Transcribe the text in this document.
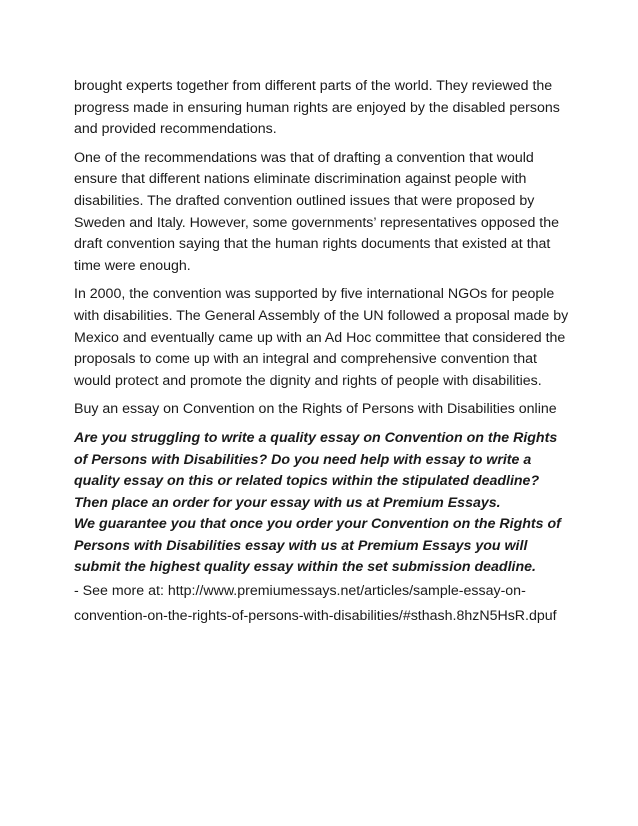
brought experts together from different parts of the world. They reviewed the progress made in ensuring human rights are enjoyed by the disabled persons and provided recommendations.

One of the recommendations was that of drafting a convention that would ensure that different nations eliminate discrimination against people with disabilities. The drafted convention outlined issues that were proposed by Sweden and Italy. However, some governments’ representatives opposed the draft convention saying that the human rights documents that existed at that time were enough.

In 2000, the convention was supported by five international NGOs for people with disabilities. The General Assembly of the UN followed a proposal made by Mexico and eventually came up with an Ad Hoc committee that considered the proposals to come up with an integral and comprehensive convention that would protect and promote the dignity and rights of people with disabilities.

Buy an essay on Convention on the Rights of Persons with Disabilities online

Are you struggling to write a quality essay on Convention on the Rights of Persons with Disabilities? Do you need help with essay to write a quality essay on this or related topics within the stipulated deadline? Then place an order for your essay with us at Premium Essays.

We guarantee you that once you order your Convention on the Rights of Persons with Disabilities essay with us at Premium Essays you will submit the highest quality essay within the set submission deadline.

- See more at: http://www.premiumessays.net/articles/sample-essay-on-convention-on-the-rights-of-persons-with-disabilities/#sthash.8hzN5HsR.dpuf
